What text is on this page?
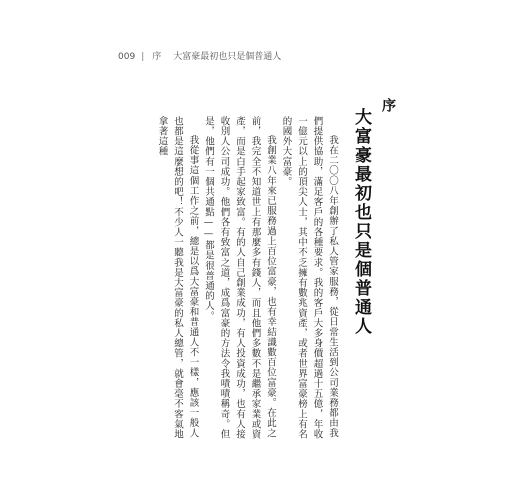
009 | 序 大富豪最初也只是個普通人
序
大富豪最初也只是個普通人

我在二〇〇八年創辦了私人管家服務，從日常生活到公司業務都由我們提供協助，滿足客戶的各種要求。我的客戶大多身價超過十五億，年收一億元以上的頂尖人士，其中不乏擁有數兆資產，或者世界富豪榜上有名的國外大富豪。

我創業八年來已服務過上百位富豪，也有幸結識數百位富豪。在此之前，我完全不知道世上有那麼多有錢人，而且他們多數不是繼承家業或資產，而是白手起家致富。有的人自己創業成功，有人投資成功，也有人接收別人公司成功。他們各有致富之道，成爲富豪的方法令我嘖嘖稱奇。但是，他們有一個共通點——都是很普通的人。

我從事這個工作之前，總是以爲大富豪和普通人不一樣，應該一般人也都是這麼想的吧！不少人一聽我是大富豪的私人總管，就會毫不客氣地拿著這種
